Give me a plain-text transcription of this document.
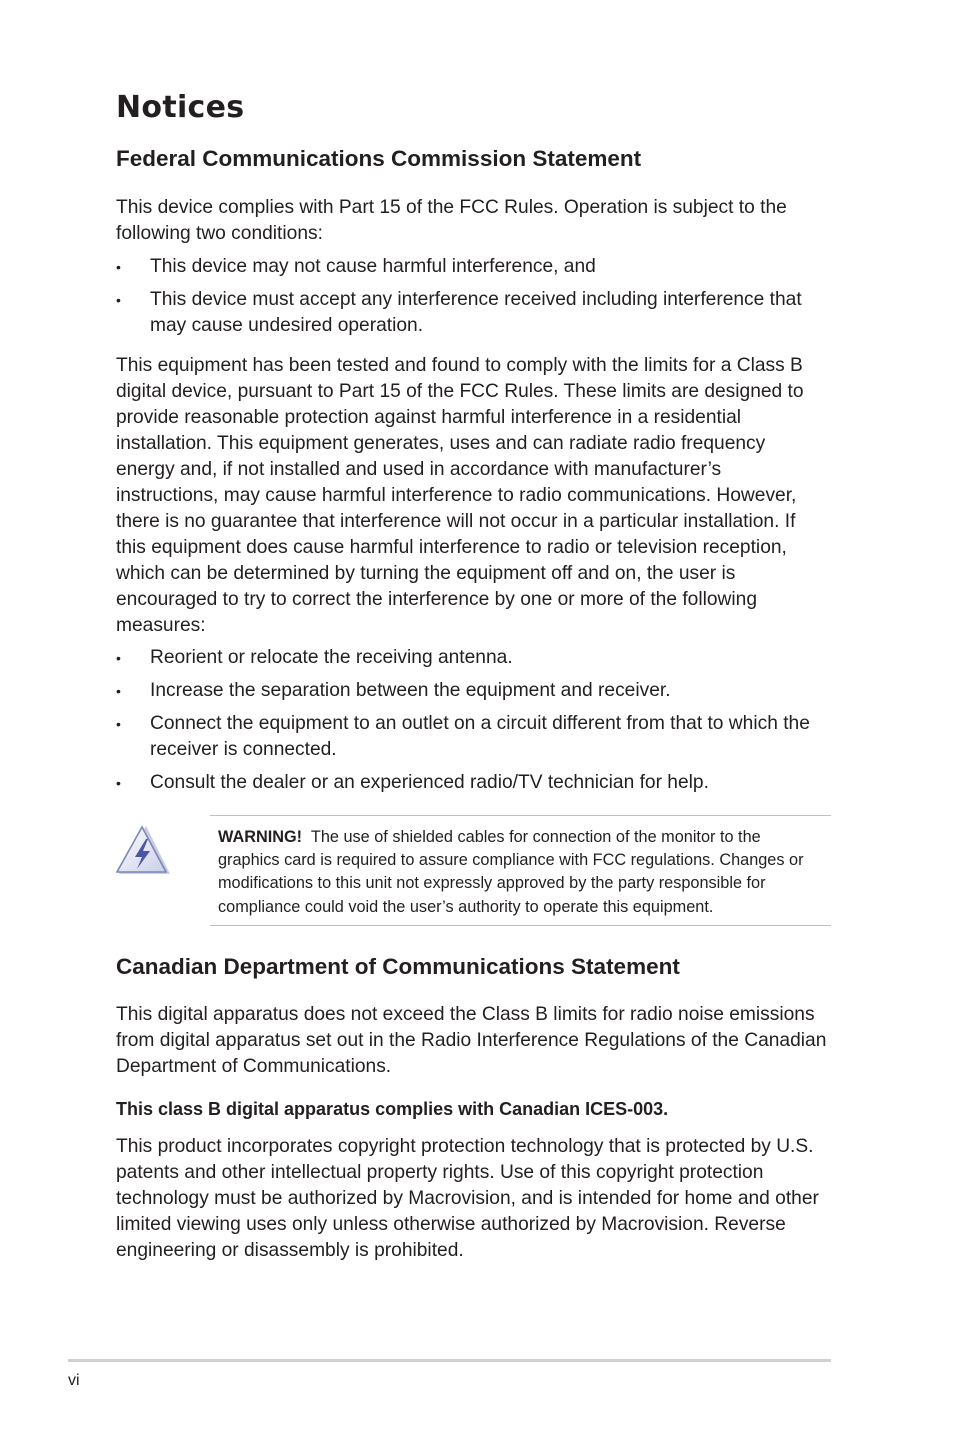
Notices
Federal Communications Commission Statement

This device complies with Part 15 of the FCC Rules. Operation is subject to the following two conditions:

• This device may not cause harmful interference, and
• This device must accept any interference received including interference that may cause undesired operation.

This equipment has been tested and found to comply with the limits for a Class B digital device, pursuant to Part 15 of the FCC Rules. These limits are designed to provide reasonable protection against harmful interference in a residential installation. This equipment generates, uses and can radiate radio frequency energy and, if not installed and used in accordance with manufacturer’s instructions, may cause harmful interference to radio communications. However, there is no guarantee that interference will not occur in a particular installation. If this equipment does cause harmful interference to radio or television reception, which can be determined by turning the equipment off and on, the user is encouraged to try to correct the interference by one or more of the following measures:

• Reorient or relocate the receiving antenna.
• Increase the separation between the equipment and receiver.
• Connect the equipment to an outlet on a circuit different from that to which the receiver is connected.
• Consult the dealer or an experienced radio/TV technician for help.

WARNING! The use of shielded cables for connection of the monitor to the graphics card is required to assure compliance with FCC regulations. Changes or modifications to this unit not expressly approved by the party responsible for compliance could void the user’s authority to operate this equipment.

Canadian Department of Communications Statement

This digital apparatus does not exceed the Class B limits for radio noise emissions from digital apparatus set out in the Radio Interference Regulations of the Canadian Department of Communications.

This class B digital apparatus complies with Canadian ICES-003.

This product incorporates copyright protection technology that is protected by U.S. patents and other intellectual property rights. Use of this copyright protection technology must be authorized by Macrovision, and is intended for home and other limited viewing uses only unless otherwise authorized by Macrovision. Reverse engineering or disassembly is prohibited.

vi
